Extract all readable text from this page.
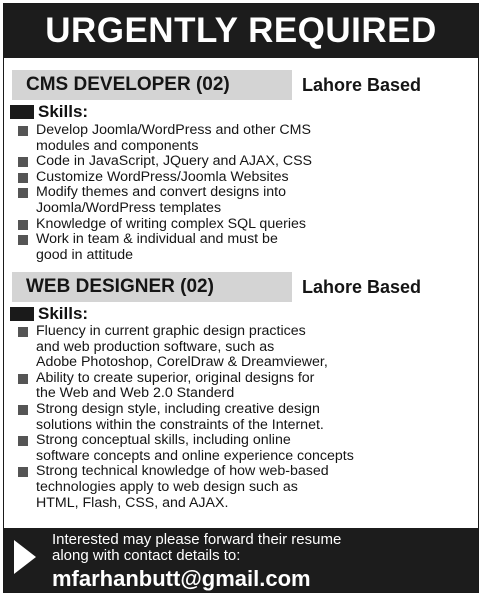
URGENTLY REQUIRED
CMS DEVELOPER (02)	Lahore Based
Skills:
Develop Joomla/WordPress and other CMS
modules and components
Code in JavaScript, JQuery and AJAX, CSS
Customize WordPress/Joomla Websites
Modify themes and convert designs into
Joomla/WordPress templates
Knowledge of writing complex SQL queries
Work in team & individual and must be
good in attitude
WEB DESIGNER (02)	Lahore Based
Skills:
Fluency in current graphic design practices
and web production software, such as
Adobe Photoshop, CorelDraw & Dreamviewer,
Ability to create superior, original designs for
the Web and Web 2.0 Standerd
Strong design style, including creative design
solutions within the constraints of the Internet.
Strong conceptual skills, including online
software concepts and online experience concepts
Strong technical knowledge of how web-based
technologies apply to web design such as
HTML, Flash, CSS, and AJAX.
Interested may please forward their resume
along with contact details to:
mfarhanbutt@gmail.com
